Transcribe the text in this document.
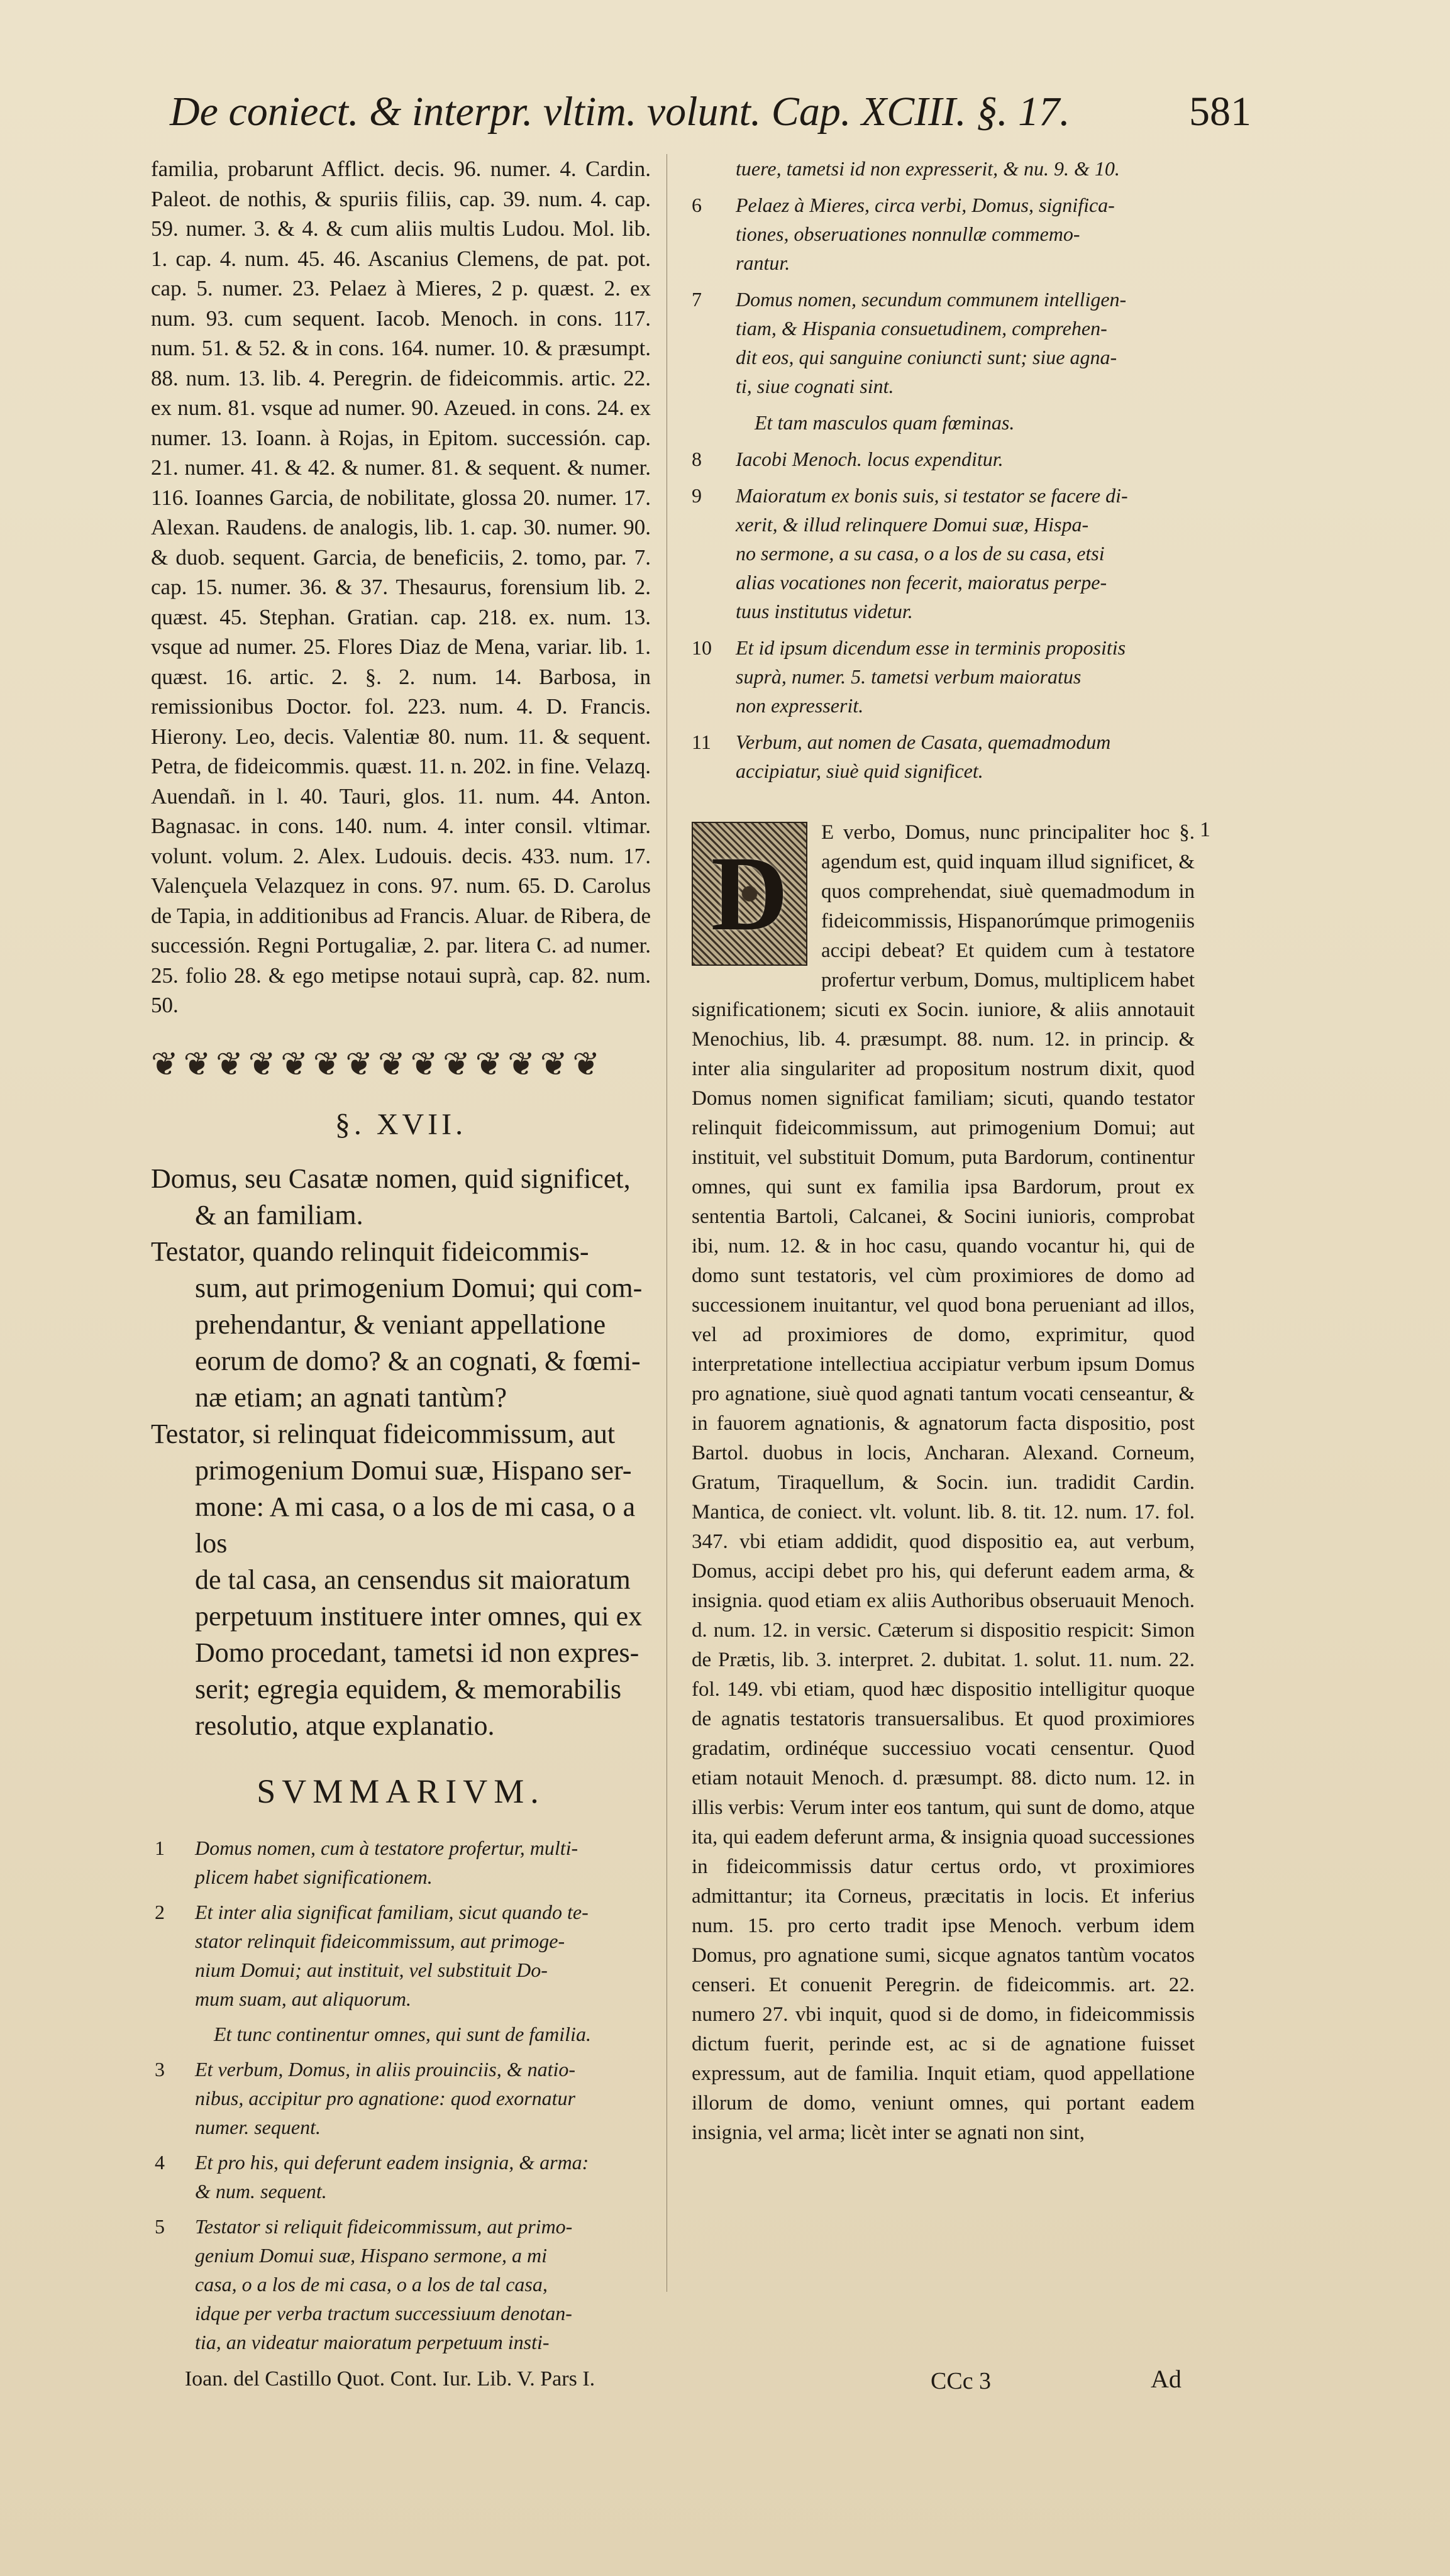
De coniect. & interpr. vltim. volunt. Cap. XCIII. §. 17.	581

familia, probarunt Afflict. decis. 96. numer. 4. Cardin. Paleot. de nothis, & spuriis filiis, cap. 39. num. 4. cap. 59. numer. 3. & 4. & cum aliis multis Ludou. Mol. lib. 1. cap. 4. num. 45. 46. Ascanius Clemens, de pat. pot. cap. 5. numer. 23. Pelaez à Mieres, 2 p. quæst. 2. ex num. 93. cum sequent. Iacob. Menoch. in cons. 117. num. 51. & 52. & in cons. 164. numer. 10. & præsumpt. 88. num. 13. lib. 4. Peregrin. de fideicommis. artic. 22. ex num. 81. vsque ad numer. 90. Azeued. in cons. 24. ex numer. 13. Ioann. à Rojas, in Epitom. successión. cap. 21. numer. 41. & 42. & numer. 81. & sequent. & numer. 116. Ioannes Garcia, de nobilitate, glossa 20. numer. 17. Alexan. Raudens. de analogis, lib. 1. cap. 30. numer. 90. & duob. sequent. Garcia, de beneficiis, 2. tomo, par. 7. cap. 15. numer. 36. & 37. Thesaurus, forensium lib. 2. quæst. 45. Stephan. Gratian. cap. 218. ex. num. 13. vsque ad numer. 25. Flores Diaz de Mena, variar. lib. 1. quæst. 16. artic. 2. §. 2. num. 14. Barbosa, in remissionibus Doctor. fol. 223. num. 4. D. Francis. Hierony. Leo, decis. Valentiæ 80. num. 11. & sequent. Petra, de fideicommis. quæst. 11. n. 202. in fine. Velazq. Auendañ. in l. 40. Tauri, glos. 11. num. 44. Anton. Bagnasac. in cons. 140. num. 4. inter consil. vltimar. volunt. volum. 2. Alex. Ludouis. decis. 433. num. 17. Valençuela Velazquez in cons. 97. num. 65. D. Carolus de Tapia, in additionibus ad Francis. Aluar. de Ribera, de successión. Regni Portugaliæ, 2. par. litera C. ad numer. 25. folio 28. & ego metipse notaui suprà, cap. 82. num. 50.

❦❦❦❦❦❦❦❦❦❦❦❦❦❦
§. XVII.

Domus, seu Casatæ nomen, quid significet,

& an familiam.

Testator, quando relinquit fideicommis-

sum, aut primogenium Domui; qui com-

prehendantur, & veniant appellatione

eorum de domo? & an cognati, & fœmi-

næ etiam; an agnati tantùm?

Testator, si relinquat fideicommissum, aut

primogenium Domui suæ, Hispano ser-

mone: A mi casa, o a los de mi casa, o a los

de tal casa, an censendus sit maioratum

perpetuum instituere inter omnes, qui ex

Domo procedant, tametsi id non expres-

serit; egregia equidem, & memorabilis

resolutio, atque explanatio.

SVMMARIVM.
1 Domus nomen, cum à testatore profertur, multi-
plicem habet significationem.
2 Et inter alia significat familiam, sicut quando te-
stator relinquit fideicommissum, aut primoge-
nium Domui; aut instituit, vel substituit Do-
mum suam, aut aliquorum.
Et tunc continentur omnes, qui sunt de familia.
3 Et verbum, Domus, in aliis prouinciis, & natio-
nibus, accipitur pro agnatione: quod exornatur
numer. sequent.
4 Et pro his, qui deferunt eadem insignia, & arma:
& num. sequent.
5 Testator si reliquit fideicommissum, aut primo-
genium Domui suæ, Hispano sermone, a mi
casa, o a los de mi casa, o a los de tal casa,
idque per verba tractum successiuum denotan-
tia, an videatur maioratum perpetuum insti-
tuere, tametsi id non expresserit, & nu. 9. & 10.
6 Pelaez à Mieres, circa verbi, Domus, significa-
tiones, obseruationes nonnullæ commemo-
rantur.
7 Domus nomen, secundum communem intelligen-
tiam, & Hispania consuetudinem, comprehen-
dit eos, qui sanguine coniuncti sunt; siue agna-
ti, siue cognati sint.
Et tam masculos quam fœminas.
8 Iacobi Menoch. locus expenditur.
9 Maioratum ex bonis suis, si testator se facere di-
xerit, & illud relinquere Domui suæ, Hispa-
no sermone, a su casa, o a los de su casa, etsi
alias vocationes non fecerit, maioratus perpe-
tuus institutus videtur.
10 Et id ipsum dicendum esse in terminis propositis
suprà, numer. 5. tametsi verbum maioratus
non expresserit.
11 Verbum, aut nomen de Casata, quemadmodum
accipiatur, siuè quid significet.
1
D

E verbo, Domus, nunc principaliter hoc §. agendum est, quid inquam illud significet, & quos comprehendat, siuè quemadmodum in fideicommissis, Hispanorúmque primogeniis accipi debeat? Et quidem cum à testatore profertur verbum, Domus, multiplicem habet significationem; sicuti ex Socin. iuniore, & aliis annotauit Menochius, lib. 4. præsumpt. 88. num. 12. in princip. & inter alia singulariter ad propositum nostrum dixit, quod Domus nomen significat familiam; sicuti, quando testator relinquit fideicommissum, aut primogenium Domui; aut instituit, vel substituit Domum, puta Bardorum, continentur omnes, qui sunt ex familia ipsa Bardorum, prout ex sententia Bartoli, Calcanei, & Socini iunioris, comprobat ibi, num. 12. & in hoc casu, quando vocantur hi, qui de domo sunt testatoris, vel cùm proximiores de domo ad successionem inuitantur, vel quod bona perueniant ad illos, vel ad proximiores de domo, exprimitur, quod interpretatione intellectiua accipiatur verbum ipsum Domus pro agnatione, siuè quod agnati tantum vocati censeantur, & in fauorem agnationis, & agnatorum facta dispositio, post Bartol. duobus in locis, Ancharan. Alexand. Corneum, Gratum, Tiraquellum, & Socin. iun. tradidit Cardin. Mantica, de coniect. vlt. volunt. lib. 8. tit. 12. num. 17. fol. 347. vbi etiam addidit, quod dispositio ea, aut verbum, Domus, accipi debet pro his, qui deferunt eadem arma, & insignia. quod etiam ex aliis Authoribus obseruauit Menoch. d. num. 12. in versic. Cæterum si dispositio respicit: Simon de Prætis, lib. 3. interpret. 2. dubitat. 1. solut. 11. num. 22. fol. 149. vbi etiam, quod hæc dispositio intelligitur quoque de agnatis testatoris transuersalibus. Et quod proximiores gradatim, ordinéque successiuo vocati censentur. Quod etiam notauit Menoch. d. præsumpt. 88. dicto num. 12. in illis verbis: Verum inter eos tantum, qui sunt de domo, atque ita, qui eadem deferunt arma, & insignia quoad successiones in fideicommissis datur certus ordo, vt proximiores admittantur; ita Corneus, præcitatis in locis. Et inferius num. 15. pro certo tradit ipse Menoch. verbum idem Domus, pro agnatione sumi, sicque agnatos tantùm vocatos censeri. Et conuenit Peregrin. de fideicommis. art. 22. numero 27. vbi inquit, quod si de domo, in fideicommissis dictum fuerit, perinde est, ac si de agnatione fuisset expressum, aut de familia. Inquit etiam, quod appellatione illorum de domo, veniunt omnes, qui portant eadem insignia, vel arma; licèt inter se agnati non sint,

Ioan. del Castillo Quot. Cont. Iur. Lib. V. Pars I.	CCc 3	Ad
